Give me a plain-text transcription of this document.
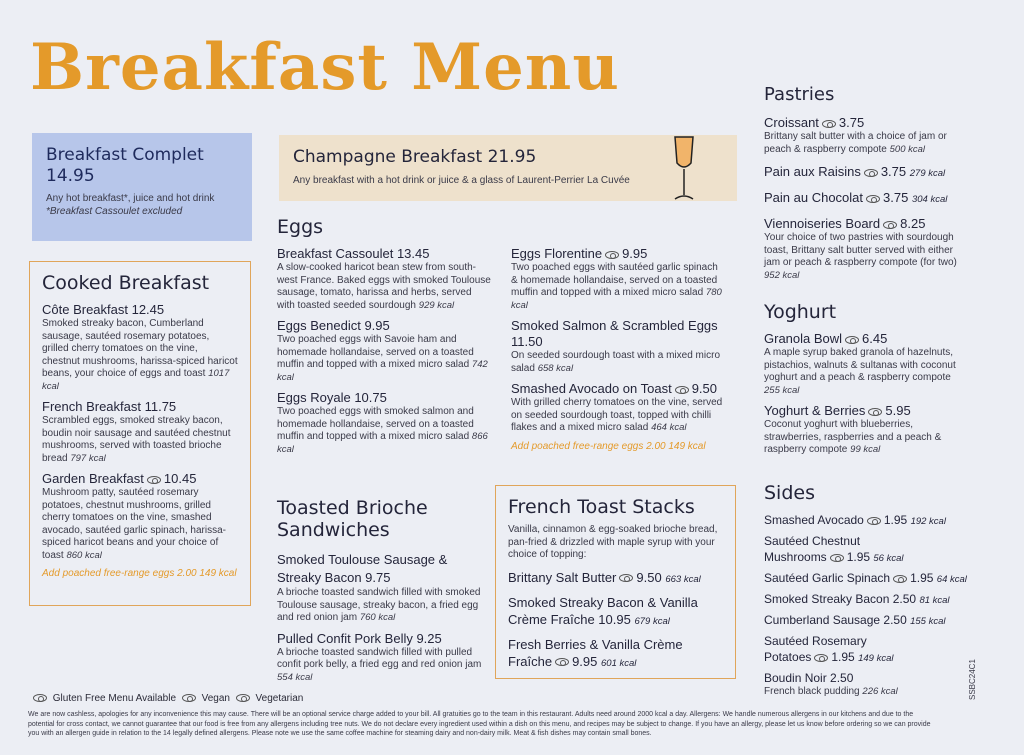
Breakfast Menu
Breakfast Complet 14.95
Any hot breakfast*, juice and hot drink
*Breakfast Cassoulet excluded
Champagne Breakfast 21.95
Any breakfast with a hot drink or juice & a glass of Laurent-Perrier La Cuvée
Cooked Breakfast
Côte Breakfast 12.45
Smoked streaky bacon, Cumberland sausage, sautéed rosemary potatoes, grilled cherry tomatoes on the vine, chestnut mushrooms, harissa-spiced haricot beans, your choice of eggs and toast 1017 kcal
French Breakfast 11.75
Scrambled eggs, smoked streaky bacon, boudin noir sausage and sautéed chestnut mushrooms, served with toasted brioche bread 797 kcal
Garden Breakfast 10.45
Mushroom patty, sautéed rosemary potatoes, chestnut mushrooms, grilled cherry tomatoes on the vine, smashed avocado, sautéed garlic spinach, harissa-spiced haricot beans and your choice of toast 860 kcal
Add poached free-range eggs 2.00 149 kcal
Eggs
Breakfast Cassoulet 13.45
A slow-cooked haricot bean stew from south-west France. Baked eggs with smoked Toulouse sausage, tomato, harissa and herbs, served with toasted seeded sourdough 929 kcal
Eggs Benedict 9.95
Two poached eggs with Savoie ham and homemade hollandaise, served on a toasted muffin and topped with a mixed micro salad 742 kcal
Eggs Royale 10.75
Two poached eggs with smoked salmon and homemade hollandaise, served on a toasted muffin and topped with a mixed micro salad 866 kcal
Eggs Florentine 9.95
Two poached eggs with sautéed garlic spinach & homemade hollandaise, served on a toasted muffin and topped with a mixed micro salad 780 kcal
Smoked Salmon & Scrambled Eggs 11.50
On seeded sourdough toast with a mixed micro salad 658 kcal
Smashed Avocado on Toast 9.50
With grilled cherry tomatoes on the vine, served on seeded sourdough toast, topped with chilli flakes and a mixed micro salad 464 kcal
Add poached free-range eggs 2.00 149 kcal
Toasted Brioche Sandwiches
Smoked Toulouse Sausage & Streaky Bacon 9.75
A brioche toasted sandwich filled with smoked Toulouse sausage, streaky bacon, a fried egg and red onion jam 760 kcal
Pulled Confit Pork Belly 9.25
A brioche toasted sandwich filled with pulled confit pork belly, a fried egg and red onion jam 554 kcal
French Toast Stacks
Vanilla, cinnamon & egg-soaked brioche bread, pan-fried & drizzled with maple syrup with your choice of topping:
Brittany Salt Butter 9.50 663 kcal
Smoked Streaky Bacon & Vanilla Crème Fraîche 10.95 679 kcal
Fresh Berries & Vanilla Crème Fraîche 9.95 601 kcal
Pastries
Croissant 3.75
Brittany salt butter with a choice of jam or peach & raspberry compote 500 kcal
Pain aux Raisins 3.75 279 kcal
Pain au Chocolat 3.75 304 kcal
Viennoiseries Board 8.25
Your choice of two pastries with sourdough toast, Brittany salt butter served with either jam or peach & raspberry compote (for two) 952 kcal
Yoghurt
Granola Bowl 6.45
A maple syrup baked granola of hazelnuts, pistachios, walnuts & sultanas with coconut yoghurt and a peach & raspberry compote 255 kcal
Yoghurt & Berries 5.95
Coconut yoghurt with blueberries, strawberries, raspberries and a peach & raspberry compote 99 kcal
Sides
Smashed Avocado 1.95 192 kcal
Sautéed Chestnut Mushrooms 1.95 56 kcal
Sautéed Garlic Spinach 1.95 64 kcal
Smoked Streaky Bacon 2.50 81 kcal
Cumberland Sausage 2.50 155 kcal
Sautéed Rosemary Potatoes 1.95 149 kcal
Boudin Noir 2.50
French black pudding 226 kcal
Gluten Free Menu Available	Vegan	Vegetarian
We are now cashless, apologies for any inconvenience this may cause. There will be an optional service charge added to your bill. All gratuities go to the team in this restaurant. Adults need around 2000 kcal a day. Allergens: We handle numerous allergens in our kitchens and due to the potential for cross contact, we cannot guarantee that our food is free from any allergens including tree nuts. We do not declare every ingredient used within a dish on this menu, and recipes may be subject to change. If you have an allergy, please let us know before ordering so we can provide you with an allergen guide in relation to the 14 legally defined allergens. Please note we use the same coffee machine for steaming dairy and non-dairy milk. Meat & fish dishes may contain small bones.
SSBC24C1
